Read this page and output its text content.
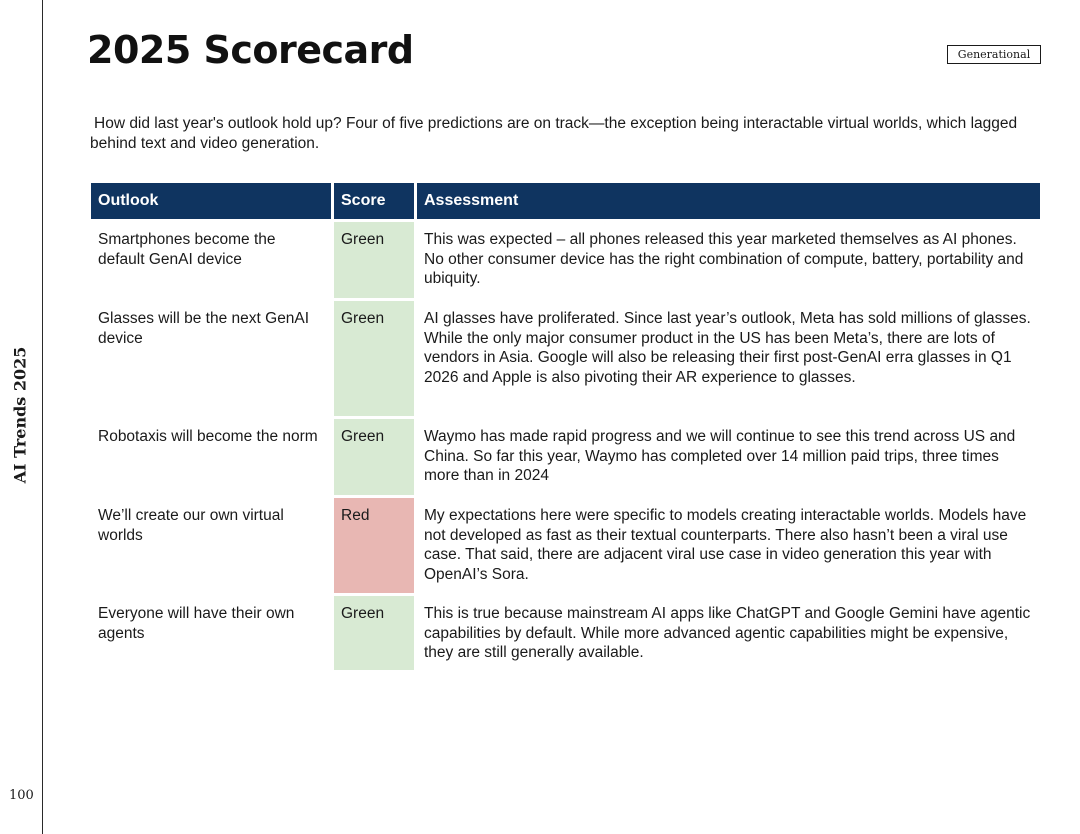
AI Trends 2025
100
2025 Scorecard	Generational

How did last year's outlook hold up? Four of five predictions are on track—the exception being interactable virtual worlds, which lagged behind text and video generation.

Outlook	Score	Assessment
Smartphones become the default GenAI device	Green	This was expected – all phones released this year marketed themselves as AI phones. No other consumer device has the right combination of compute, battery, portability and ubiquity.
Glasses will be the next GenAI device	Green	AI glasses have proliferated. Since last year’s outlook, Meta has sold millions of glasses. While the only major consumer product in the US has been Meta’s, there are lots of vendors in Asia. Google will also be releasing their first post-GenAI erra glasses in Q1 2026 and Apple is also pivoting their AR experience to glasses.
Robotaxis will become the norm	Green	Waymo has made rapid progress and we will continue to see this trend across US and China. So far this year, Waymo has completed over 14 million paid trips, three times more than in 2024
We’ll create our own virtual worlds	Red	My expectations here were specific to models creating interactable worlds. Models have not developed as fast as their textual counterparts. There also hasn’t been a viral use case. That said, there are adjacent viral use case in video generation this year with OpenAI’s Sora.
Everyone will have their own agents	Green	This is true because mainstream AI apps like ChatGPT and Google Gemini have agentic capabilities by default. While more advanced agentic capabilities might be expensive, they are still generally available.
